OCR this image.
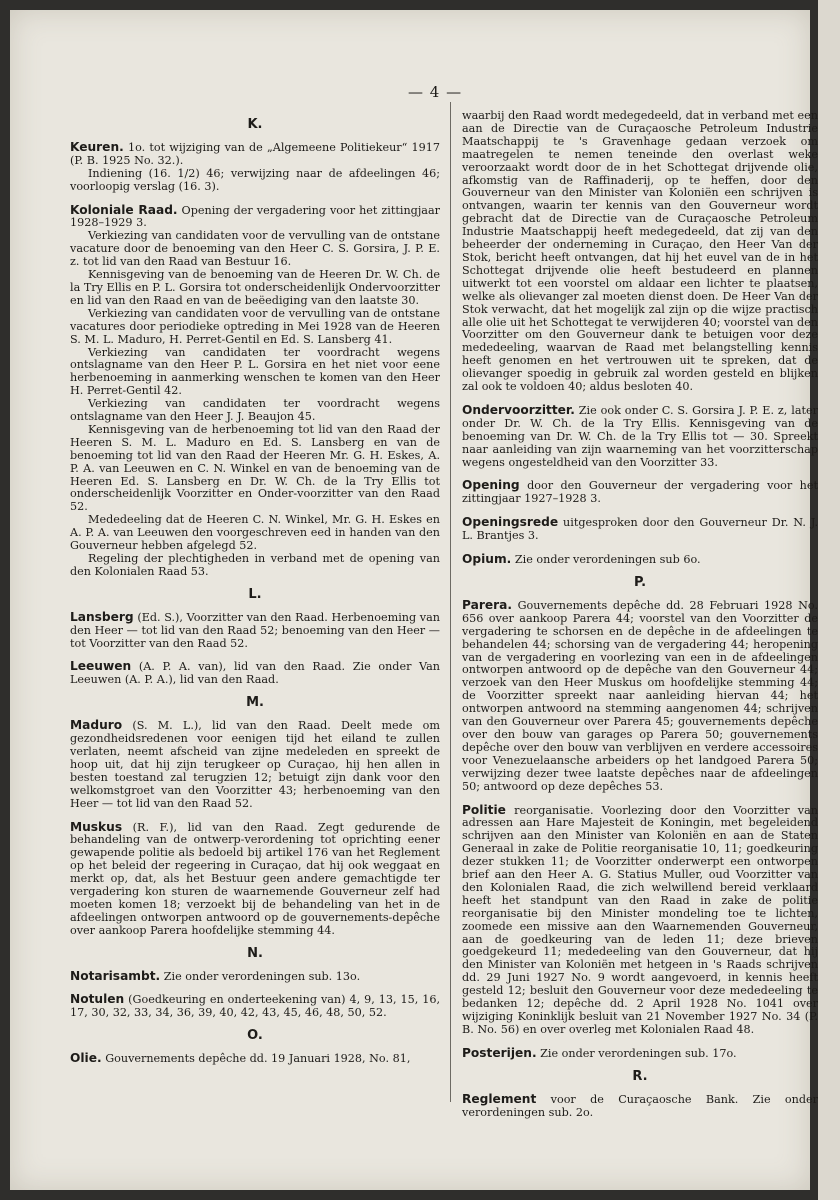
— 4 —
K.

Keuren. 1o. tot wijziging van de „Algemeene Politiekeur“ 1917 (P. B. 1925 No. 32.).

Indiening (16. 1/2) 46; verwijzing naar de afdeelingen 46; voorloopig verslag (16. 3).

Koloniale Raad. Opening der vergadering voor het zittingjaar 1928–1929 3.

Verkiezing van candidaten voor de vervulling van de ontstane vacature door de benoeming van den Heer C. S. Gorsira, J. P. E. z. tot lid van den Raad van Bestuur 16.

Kennisgeving van de benoeming van de Heeren Dr. W. Ch. de la Try Ellis en P. L. Gorsira tot onderscheidenlijk Ondervoorzitter en lid van den Raad en van de beëediging van den laatste 30.

Verkiezing van candidaten voor de vervulling van de ontstane vacatures door periodieke optreding in Mei 1928 van de Heeren S. M. L. Maduro, H. Perret-Gentil en Ed. S. Lansberg 41.

Verkiezing van candidaten ter voordracht wegens ontslagname van den Heer P. L. Gorsira en het niet voor eene herbenoeming in aanmerking wenschen te komen van den Heer H. Perret-Gentil 42.

Verkiezing van candidaten ter voordracht wegens ontslagname van den Heer J. J. Beaujon 45.

Kennisgeving van de herbenoeming tot lid van den Raad der Heeren S. M. L. Maduro en Ed. S. Lansberg en van de benoeming tot lid van den Raad der Heeren Mr. G. H. Eskes, A. P. A. van Leeuwen en C. N. Winkel en van de benoeming van de Heeren Ed. S. Lansberg en Dr. W. Ch. de la Try Ellis tot onderscheidenlijk Voorzitter en Onder-voorzitter van den Raad 52.

Mededeeling dat de Heeren C. N. Winkel, Mr. G. H. Eskes en A. P. A. van Leeuwen den voorgeschreven eed in handen van den Gouverneur hebben afgelegd 52.

Regeling der plechtigheden in verband met de opening van den Kolonialen Raad 53.

L.

Lansberg (Ed. S.), Voorzitter van den Raad. Herbenoeming van den Heer — tot lid van den Raad 52; benoeming van den Heer — tot Voorzitter van den Raad 52.

Leeuwen (A. P. A. van), lid van den Raad. Zie onder Van Leeuwen (A. P. A.), lid van den Raad.

M.

Maduro (S. M. L.), lid van den Raad. Deelt mede om gezondheidsredenen voor eenigen tijd het eiland te zullen verlaten, neemt afscheid van zijne medeleden en spreekt de hoop uit, dat hij zijn terugkeer op Curaçao, hij hen allen in besten toestand zal terugzien 12; betuigt zijn dank voor den welkomstgroet van den Voorzitter 43; herbenoeming van den Heer — tot lid van den Raad 52.

Muskus (R. F.), lid van den Raad. Zegt gedurende de behandeling van de ontwerp-verordening tot oprichting eener gewapende politie als bedoeld bij artikel 176 van het Reglement op het beleid der regeering in Curaçao, dat hij ook weggaat en merkt op, dat, als het Bestuur geen andere gemachtigde ter vergadering kon sturen de waarnemende Gouverneur zelf had moeten komen 18; verzoekt bij de behandeling van het in de afdeelingen ontworpen antwoord op de gouvernements-depêche over aankoop Parera hoofdelijke stemming 44.

N.

Notarisambt. Zie onder verordeningen sub. 13o.

Notulen (Goedkeuring en onderteekening van) 4, 9, 13, 15, 16, 17, 30, 32, 33, 34, 36, 39, 40, 42, 43, 45, 46, 48, 50, 52.

O.

Olie. Gouvernements depêche dd. 19 Januari 1928, No. 81,

waarbij den Raad wordt medegedeeld, dat in verband met een aan de Directie van de Curaçaosche Petroleum Industrie Maatschappij te 's Gravenhage gedaan verzoek om maatregelen te nemen teneinde den overlast weke veroorzaakt wordt door de in het Schottegat drijvende olie, afkomstig van de Raffinaderij, op te heffen, door den Gouverneur van den Minister van Koloniën een schrijven is ontvangen, waarin ter kennis van den Gouverneur wordt gebracht dat de Directie van de Curaçaosche Petroleum Industrie Maatschappij heeft medegedeeld, dat zij van den beheerder der onderneming in Curaçao, den Heer Van der Stok, bericht heeft ontvangen, dat hij het euvel van de in het Schottegat drijvende olie heeft bestudeerd en plannen uitwerkt tot een voorstel om aldaar een lichter te plaatsen, welke als olievanger zal moeten dienst doen. De Heer Van der Stok verwacht, dat het mogelijk zal zijn op die wijze practisch alle olie uit het Schottegat te verwijderen 40; voorstel van den Voorzitter om den Gouverneur dank te betuigen voor deze mededeeling, waarvan de Raad met belangstelling kennis heeft genomen en het vertrouwen uit te spreken, dat de olievanger spoedig in gebruik zal worden gesteld en blijken zal ook te voldoen 40; aldus besloten 40.

Ondervoorzitter. Zie ook onder C. S. Gorsira J. P. E. z, later onder Dr. W. Ch. de la Try Ellis. Kennisgeving van de benoeming van Dr. W. Ch. de la Try Ellis tot — 30. Spreekt naar aanleiding van zijn waarneming van het voorzitterschap wegens ongesteldheid van den Voorzitter 33.

Opening door den Gouverneur der vergadering voor het zittingjaar 1927–1928 3.

Openingsrede uitgesproken door den Gouverneur Dr. N. J. L. Brantjes 3.

Opium. Zie onder verordeningen sub 6o.

P.

Parera. Gouvernements depêche dd. 28 Februari 1928 No. 656 over aankoop Parera 44; voorstel van den Voorzitter de vergadering te schorsen en de depêche in de afdeelingen te behandelen 44; schorsing van de vergadering 44; heropening van de vergadering en voorlezing van een in de afdeelingen ontworpen antwoord op de depêche van den Gouverneur 44; verzoek van den Heer Muskus om hoofdelijke stemming 44; de Voorzitter spreekt naar aanleiding hiervan 44; het ontworpen antwoord na stemming aangenomen 44; schrijven van den Gouverneur over Parera 45; gouvernements depêche over den bouw van garages op Parera 50; gouvernements depêche over den bouw van verblijven en verdere accessoires voor Venezuelaansche arbeiders op het landgoed Parera 50; verwijzing dezer twee laatste depêches naar de afdeelingen 50; antwoord op deze depêches 53.

Politie reorganisatie. Voorlezing door den Voorzitter van adressen aan Hare Majesteit de Koningin, met begeleidend schrijven aan den Minister van Koloniën en aan de Staten Generaal in zake de Politie reorganisatie 10, 11; goedkeuring dezer stukken 11; de Voorzitter onderwerpt een ontworpen brief aan den Heer A. G. Statius Muller, oud Voorzitter van den Kolonialen Raad, die zich welwillend bereid verklaard heeft het standpunt van den Raad in zake de politie reorganisatie bij den Minister mondeling toe te lichten, zoomede een missive aan den Waarnemenden Gouverneur, aan de goedkeuring van de leden 11; deze brieven goedgekeurd 11; mededeeling van den Gouverneur, dat hij den Minister van Koloniën met hetgeen in 's Raads schrijven dd. 29 Juni 1927 No. 9 wordt aangevoerd, in kennis heeft gesteld 12; besluit den Gouverneur voor deze mededeeling te bedanken 12; depêche dd. 2 April 1928 No. 1041 over wijziging Koninklijk besluit van 21 November 1927 No. 34 (P. B. No. 56) en over overleg met Kolonialen Raad 48.

Posterijen. Zie onder verordeningen sub. 17o.

R.

Reglement voor de Curaçaosche Bank. Zie onder verordeningen sub. 2o.
